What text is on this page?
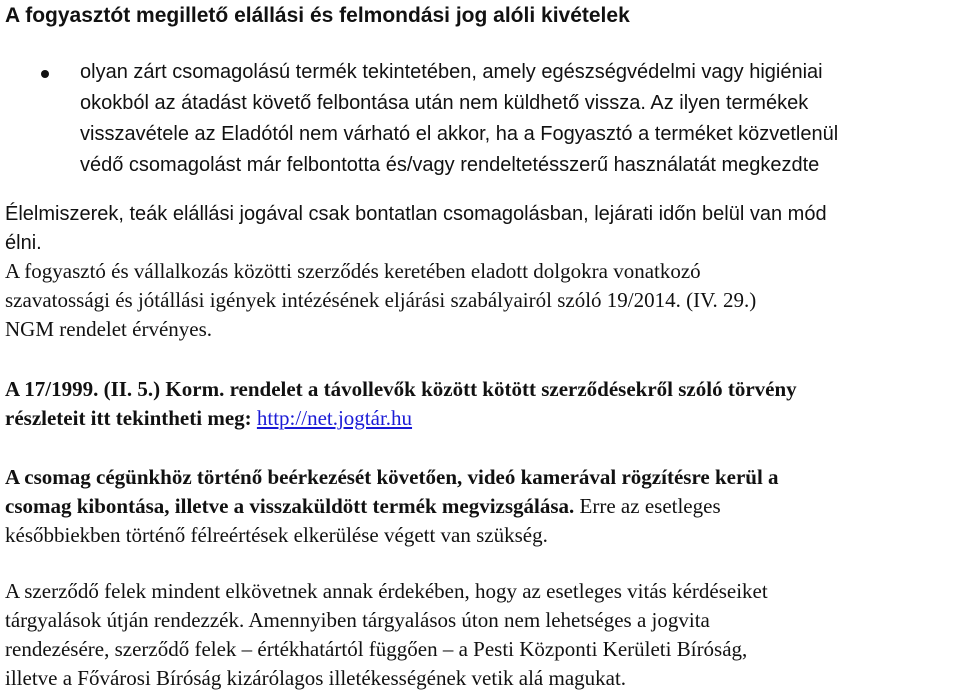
A fogyasztót megillető elállási és felmondási jog alóli kivételek
olyan zárt csomagolású termék tekintetében, amely egészségvédelmi vagy higiéniai
okokból az átadást követő felbontása után nem küldhető vissza. Az ilyen termékek
visszavétele az Eladótól nem várható el akkor, ha a Fogyasztó a terméket közvetlenül
védő csomagolást már felbontotta és/vagy rendeltetésszerű használatát megkezdte
Élelmiszerek, teák elállási jogával csak bontatlan csomagolásban, lejárati időn belül van mód
élni.
A fogyasztó és vállalkozás közötti szerződés keretében eladott dolgokra vonatkozó
szavatossági és jótállási igények intézésének eljárási szabályairól szóló 19/2014. (IV. 29.)
NGM rendelet érvényes.
A 17/1999. (II. 5.) Korm. rendelet a távollevők között kötött szerződésekről szóló törvény
részleteit itt tekintheti meg: http://net.jogtár.hu
A csomag cégünkhöz történő beérkezését követően, videó kamerával rögzítésre kerül a
csomag kibontása, illetve a visszaküldött termék megvizsgálása. Erre az esetleges
későbbiekben történő félreértések elkerülése végett van szükség.
A szerződő felek mindent elkövetnek annak érdekében, hogy az esetleges vitás kérdéseiket
tárgyalások útján rendezzék. Amennyiben tárgyalásos úton nem lehetséges a jogvita
rendezésére, szerződő felek – értékhatártól függően – a Pesti Központi Kerületi Bíróság,
illetve a Fővárosi Bíróság kizárólagos illetékességének vetik alá magukat.
